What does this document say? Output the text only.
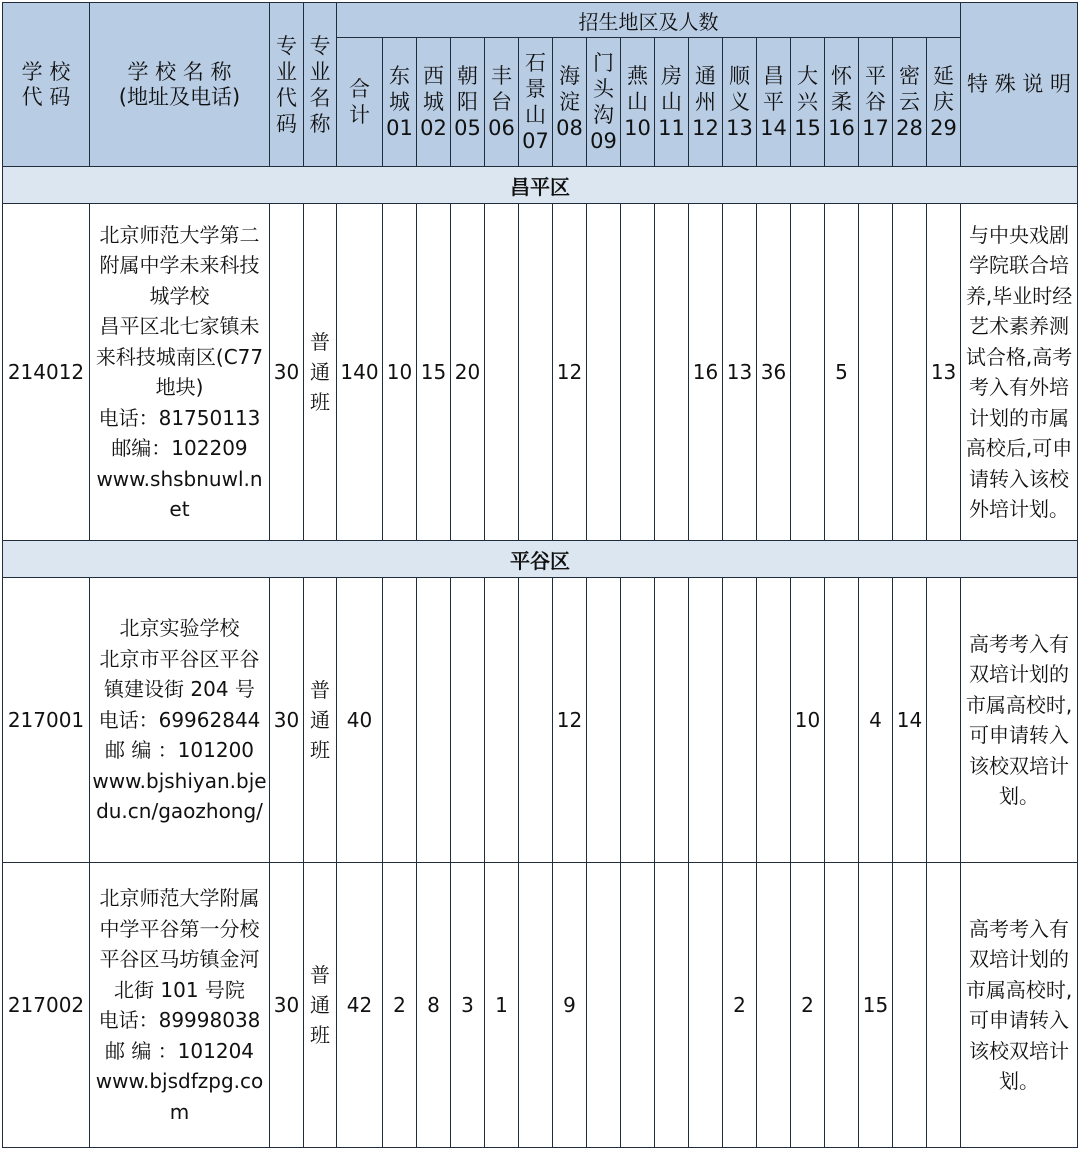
学 校
代 码	学 校 名 称
(地址及电话)	专
业
代
码	专
业
名
称	招生地区及人数																		特 殊 说 明

				合
计	东
城
01	西
城
02	朝
阳
05	丰
台
06	石
景
山
07	海
淀
08	门
头
沟
09	燕
山
10	房
山
11	通
州
12	顺
义
13	昌
平
14	大
兴
15	怀
柔
16	平
谷
17	密
云
28	延
庆
29	

昌平区																						
214012	北京师范大学第二附属中学未来科技城学校
昌平区北七家镇未来科技城南区(C77 地块)
电话：81750113
邮编：102209
www.shsbnuwl.net	30	普
通
班	140	10	15	20			12				16	13	36		5			13	与中央戏剧学院联合培养,毕业时经艺术素养测试合格,高考考入有外培计划的市属高校后,可申请转入该校外培计划。
平谷区																						
217001	北京实验学校
北京市平谷区平谷镇建设街 204 号
电话：69962844
邮 编 ：101200
www.bjshiyan.bjedu.cn/gaozhong/	30	普
通
班	40						12							10		4	14		高考考入有双培计划的市属高校时,可申请转入该校双培计划。
217002	北京师范大学附属中学平谷第一分校
平谷区马坊镇金河北街 101 号院
电话：89998038
邮 编 ：101204
www.bjsdfzpg.com	30	普
通
班	42	2	8	3	1		9					2		2		15			高考考入有双培计划的市属高校时,可申请转入该校双培计划。
